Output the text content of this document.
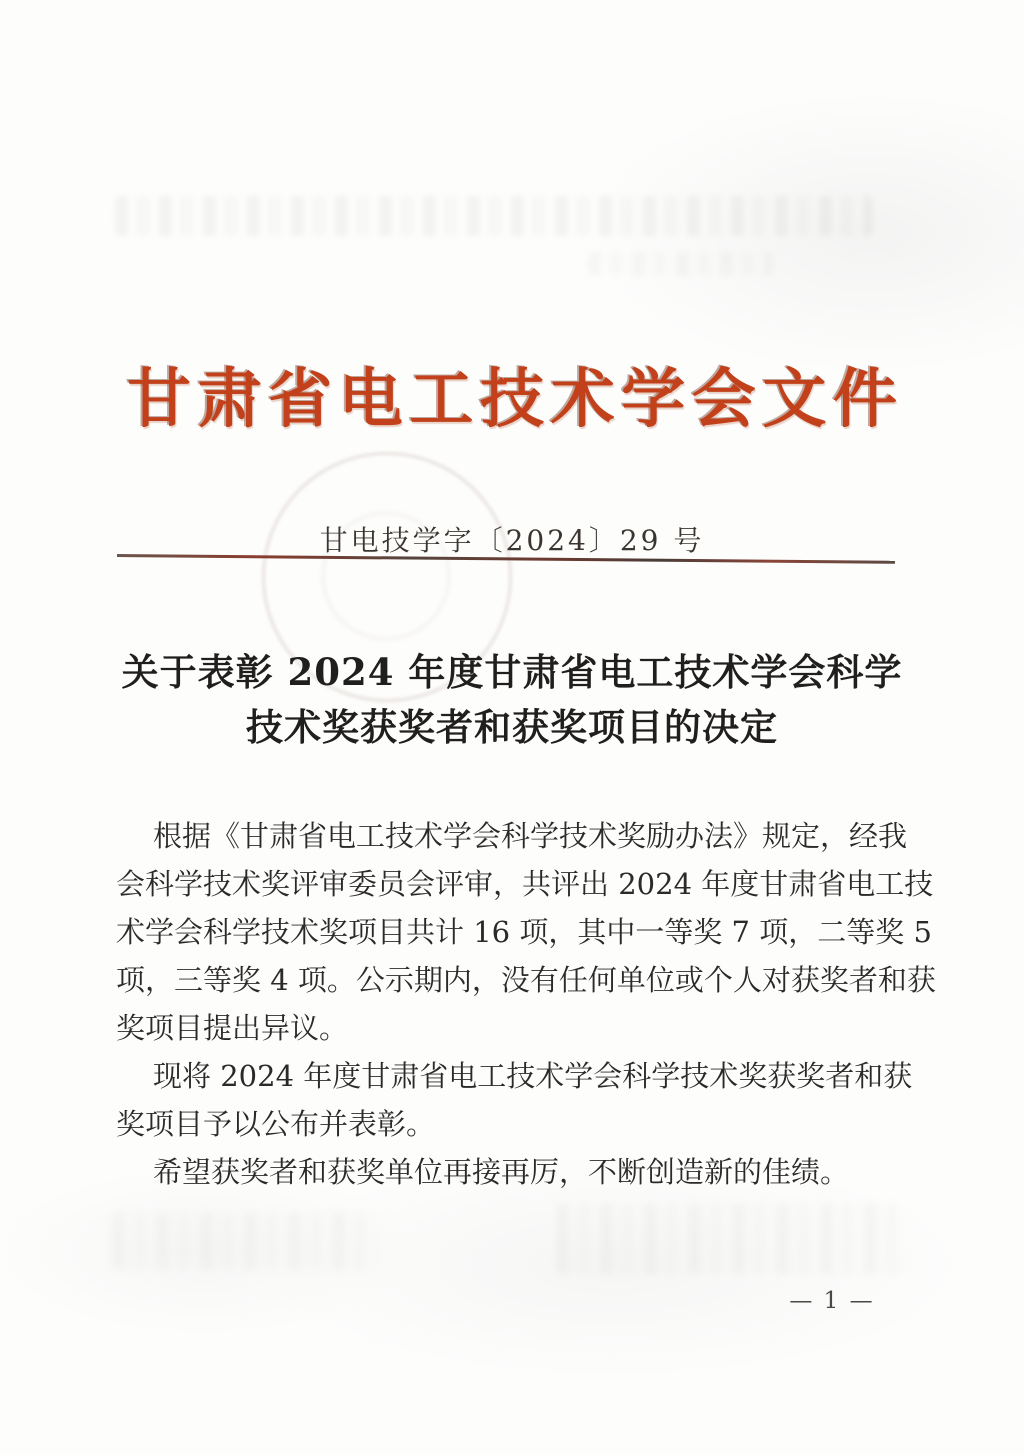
甘肃省电工技术学会文件
甘电技学字〔2024〕29 号
关于表彰 2024 年度甘肃省电工技术学会科学
技术奖获奖者和获奖项目的决定
根据《甘肃省电工技术学会科学技术奖励办法》规定，经我
会科学技术奖评审委员会评审，共评出 2024 年度甘肃省电工技
术学会科学技术奖项目共计 16 项，其中一等奖 7 项，二等奖 5
项，三等奖 4 项。公示期内，没有任何单位或个人对获奖者和获
奖项目提出异议。
现将 2024 年度甘肃省电工技术学会科学技术奖获奖者和获
奖项目予以公布并表彰。
希望获奖者和获奖单位再接再厉，不断创造新的佳绩。
— 1 —
